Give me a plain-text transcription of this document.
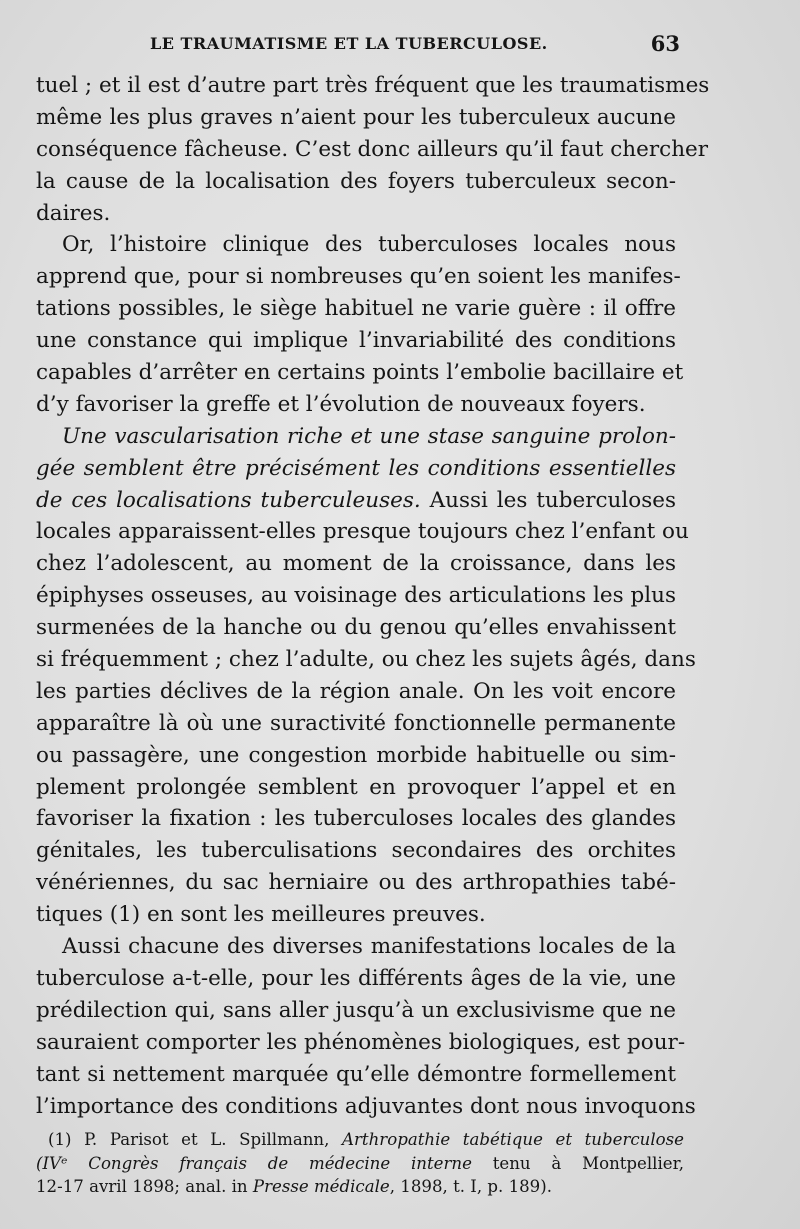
LE TRAUMATISME ET LA TUBERCULOSE.	63
tuel ; et il est d’autre part très fréquent que les traumatismes
même les plus graves n’aient pour les tuberculeux aucune
conséquence fâcheuse. C’est donc ailleurs qu’il faut chercher
la cause de la localisation des foyers tuberculeux secon-
daires.
Or, l’histoire clinique des tuberculoses locales nous
apprend que, pour si nombreuses qu’en soient les manifes-
tations possibles, le siège habituel ne varie guère : il offre
une constance qui implique l’invariabilité des conditions
capables d’arrêter en certains points l’embolie bacillaire et
d’y favoriser la greffe et l’évolution de nouveaux foyers.
Une vascularisation riche et une stase sanguine prolon-
gée semblent être précisément les conditions essentielles
de ces localisations tuberculeuses. Aussi les tuberculoses
locales apparaissent-elles presque toujours chez l’enfant ou
chez l’adolescent, au moment de la croissance, dans les
épiphyses osseuses, au voisinage des articulations les plus
surmenées de la hanche ou du genou qu’elles envahissent
si fréquemment ; chez l’adulte, ou chez les sujets âgés, dans
les parties déclives de la région anale. On les voit encore
apparaître là où une suractivité fonctionnelle permanente
ou passagère, une congestion morbide habituelle ou sim-
plement prolongée semblent en provoquer l’appel et en
favoriser la fixation : les tuberculoses locales des glandes
génitales, les tuberculisations secondaires des orchites
vénériennes, du sac herniaire ou des arthropathies tabé-
tiques (1) en sont les meilleures preuves.
Aussi chacune des diverses manifestations locales de la
tuberculose a-t-elle, pour les différents âges de la vie, une
prédilection qui, sans aller jusqu’à un exclusivisme que ne
sauraient comporter les phénomènes biologiques, est pour-
tant si nettement marquée qu’elle démontre formellement
l’importance des conditions adjuvantes dont nous invoquons
(1) P. Parisot et L. Spillmann, Arthropathie tabétique et tuberculose
(IVᵉ Congrès français de médecine interne tenu à Montpellier,
12-17 avril 1898; anal. in Presse médicale, 1898, t. I, p. 189).
